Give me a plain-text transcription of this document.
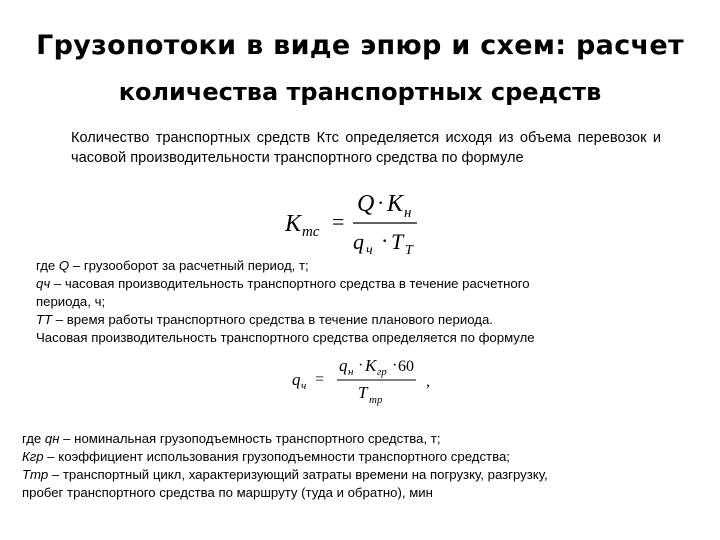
Грузопотоки в виде эпюр и схем: расчет
количества транспортных средств
Количество транспортных средств Ктс определяется исходя из объема перевозок и часовой производительности транспортного средства по формуле
K mc =
Q · K н
q ч · T T
где Q – грузооборот за расчетный период, т;
qч – часовая производительность транспортного средства в течение расчетного
периода, ч;
ТТ – время работы транспортного средства в течение планового периода.
Часовая производительность транспортного средства определяется по формуле
q ч =
q н · K гр · 60
T тр
,
где qн – номинальная грузоподъемность транспортного средства, т;
Кгр – коэффициент использования грузоподъемности транспортного средства;
Ттр – транспортный цикл, характеризующий затраты времени на погрузку, разгрузку,
пробег транспортного средства по маршруту (туда и обратно), мин
